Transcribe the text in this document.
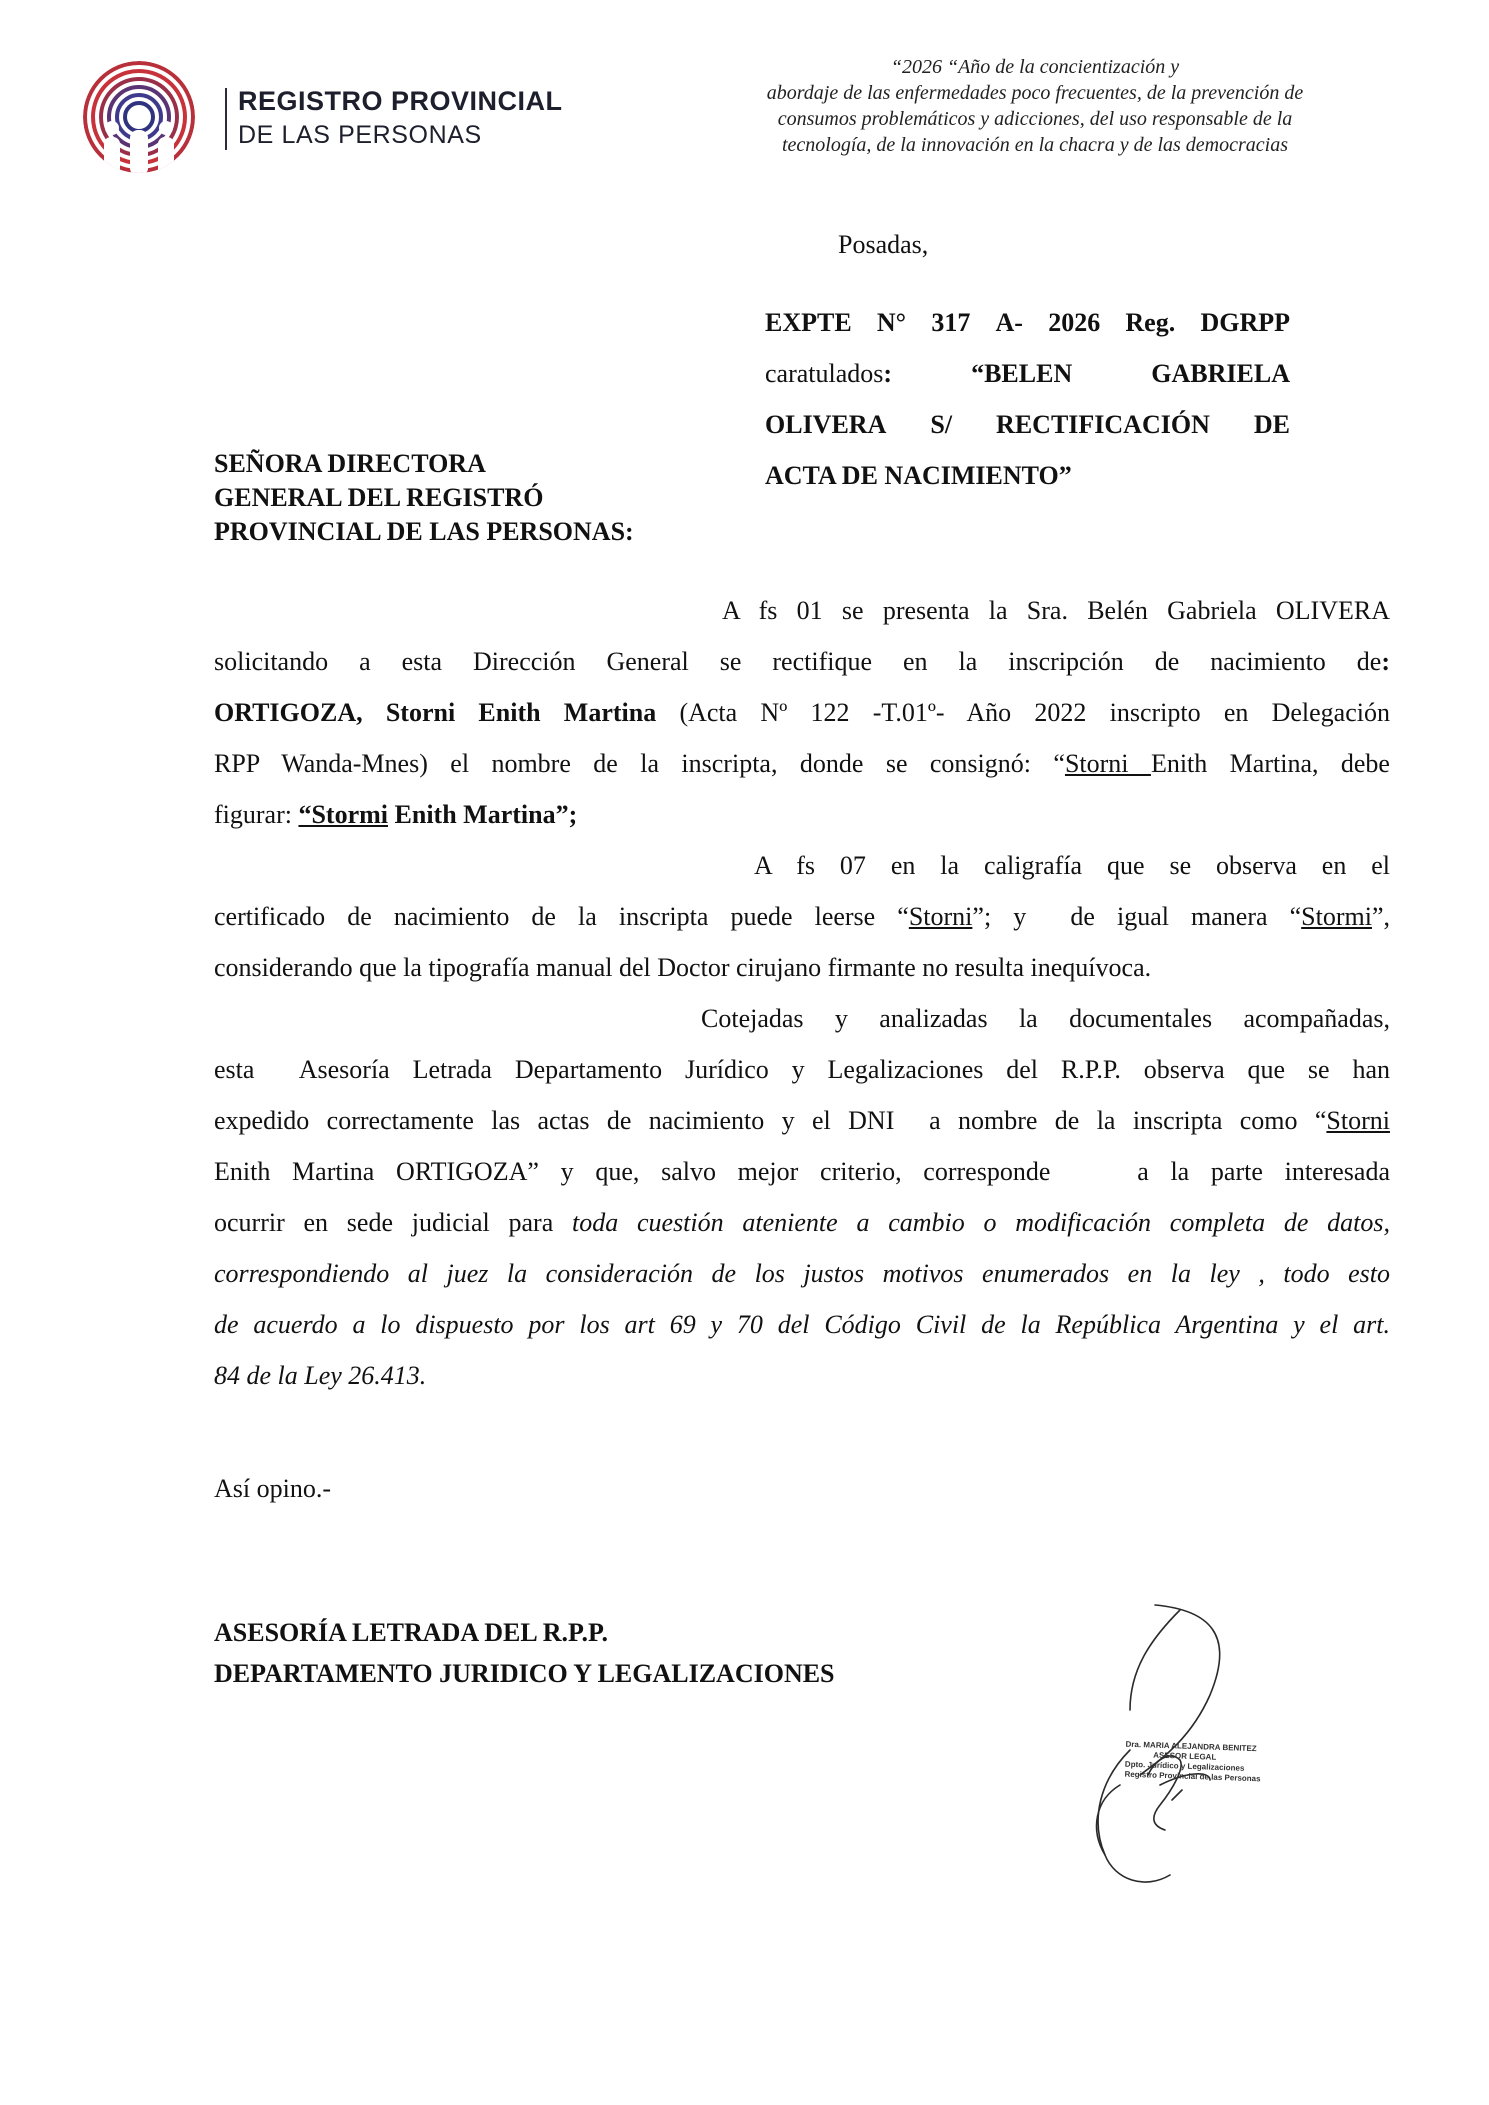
REGISTRO PROVINCIAL
DE LAS PERSONAS
“2026 “Año de la concientización y
abordaje de las enfermedades poco frecuentes, de la prevención de
consumos problemáticos y adicciones, del uso responsable de la
tecnología, de la innovación en la chacra y de las democracias
Posadas,
EXPTE N° 317 A- 2026 Reg. DGRPP
caratulados:	“BELEN	GABRIELA
OLIVERA S/ RECTIFICACIÓN DE
ACTA DE NACIMIENTO”
SEÑORA DIRECTORA
GENERAL DEL REGISTRÓ
PROVINCIAL DE LAS PERSONAS:
A fs 01 se presenta la Sra. Belén Gabriela OLIVERA
solicitando a esta Dirección General se rectifique en la inscripción de nacimiento de:
ORTIGOZA, Storni Enith Martina (Acta Nº 122 -T.01º- Año 2022 inscripto en Delegación
RPP Wanda-Mnes) el nombre de la inscripta, donde se consignó: “Storni Enith Martina, debe
figurar: “Stormi Enith Martina”;
A fs 07 en la caligrafía que se observa en el
certificado de nacimiento de la inscripta puede leerse “Storni”; y  de igual manera “Stormi”,
considerando que la tipografía manual del Doctor cirujano firmante no resulta inequívoca.
Cotejadas y analizadas la documentales acompañadas,
esta  Asesoría Letrada Departamento Jurídico y Legalizaciones del R.P.P. observa que se han
expedido correctamente las actas de nacimiento y el DNI  a nombre de la inscripta como “Storni
Enith Martina ORTIGOZA” y que, salvo mejor criterio, corresponde    a la parte interesada
ocurrir en sede judicial para toda cuestión ateniente a cambio o modificación completa de datos,
correspondiendo al juez la consideración de los justos motivos enumerados en la ley , todo esto
de acuerdo a lo dispuesto por los art 69 y 70 del Código Civil de la República Argentina y el art.
84 de la Ley 26.413.
Así opino.-
ASESORÍA LETRADA DEL R.P.P.
DEPARTAMENTO JURIDICO Y LEGALIZACIONES
Dra. MARIA ALEJANDRA BENITEZ
ASESOR LEGAL
Dpto. Jurídico y Legalizaciones
Registro Provincial de las Personas
